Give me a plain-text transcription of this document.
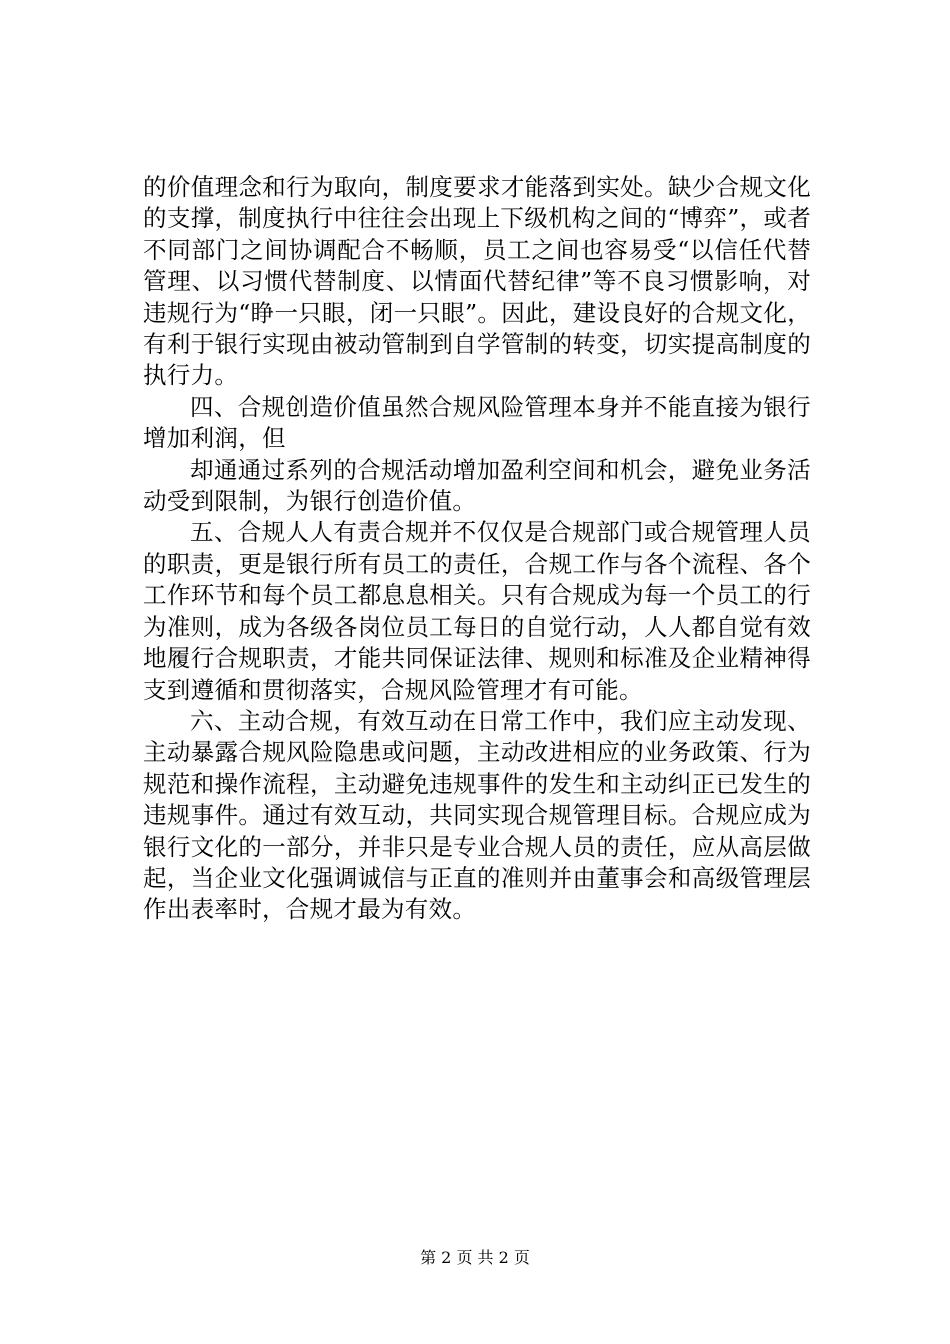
的价值理念和行为取向，制度要求才能落到实处。缺少合规文化的支撑，制度执行中往往会出现上下级机构之间的“博弈”，或者不同部门之间协调配合不畅顺，员工之间也容易受“以信任代替管理、以习惯代替制度、以情面代替纪律”等不良习惯影响，对违规行为“睁一只眼，闭一只眼”。因此，建设良好的合规文化，有利于银行实现由被动管制到自学管制的转变，切实提高制度的执行力。

四、合规创造价值虽然合规风险管理本身并不能直接为银行增加利润，但

却通通过系列的合规活动增加盈利空间和机会，避免业务活动受到限制，为银行创造价值。

五、合规人人有责合规并不仅仅是合规部门或合规管理人员的职责，更是银行所有员工的责任，合规工作与各个流程、各个工作环节和每个员工都息息相关。只有合规成为每一个员工的行为准则，成为各级各岗位员工每日的自觉行动，人人都自觉有效地履行合规职责，才能共同保证法律、规则和标准及企业精神得支到遵循和贯彻落实，合规风险管理才有可能。

六、主动合规，有效互动在日常工作中，我们应主动发现、主动暴露合规风险隐患或问题，主动改进相应的业务政策、行为规范和操作流程，主动避免违规事件的发生和主动纠正已发生的违规事件。通过有效互动，共同实现合规管理目标。合规应成为银行文化的一部分，并非只是专业合规人员的责任，应从高层做起，当企业文化强调诚信与正直的准则并由董事会和高级管理层作出表率时，合规才最为有效。

第 2 页 共 2 页
